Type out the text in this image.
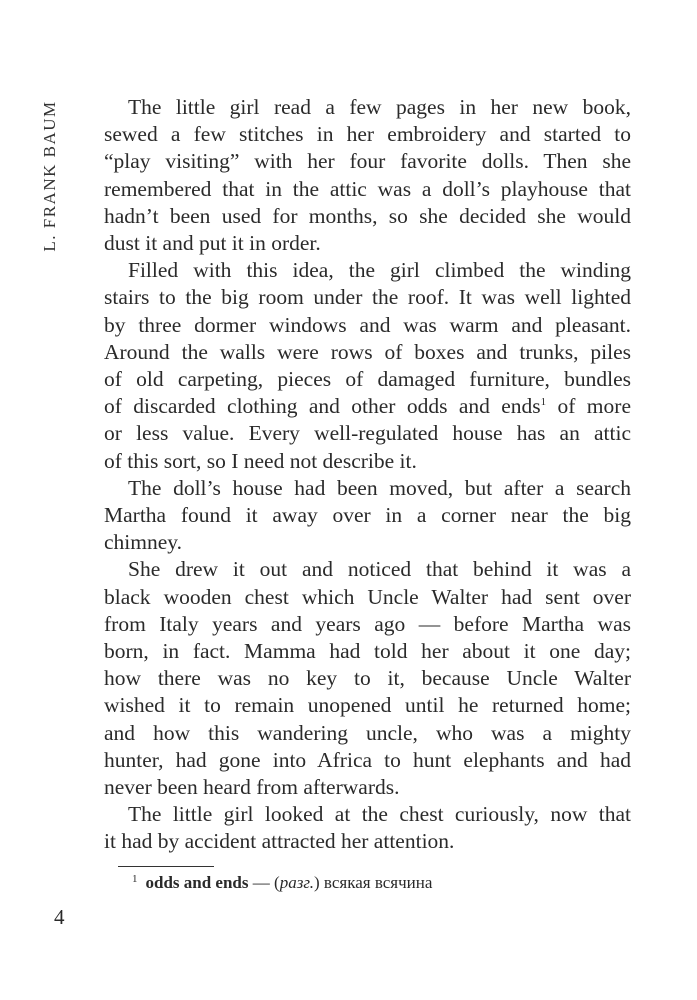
L. FRANK BAUM	The little girl read a few pages in her new book,
sewed a few stitches in her embroidery and started to
“play visiting” with her four favorite dolls. Then she
remembered that in the attic was a doll’s playhouse that
hadn’t been used for months, so she decided she would
dust it and put it in order.

Filled with this idea, the girl climbed the winding
stairs to the big room under the roof. It was well lighted
by three dormer windows and was warm and pleasant.
Around the walls were rows of boxes and trunks, piles
of old carpeting, pieces of damaged furniture, bundles
of discarded clothing and other odds and ends$^1$ of more
or less value. Every well-regulated house has an attic
of this sort, so I need not describe it.

The doll’s house had been moved, but after a search
Martha found it away over in a corner near the big
chimney.

She drew it out and noticed that behind it was a
black wooden chest which Uncle Walter had sent over
from Italy years and years ago — before Martha was
born, in fact. Mamma had told her about it one day;
how there was no key to it, because Uncle Walter
wished it to remain unopened until he returned home;
and how this wandering uncle, who was a mighty
hunter, had gone into Africa to hunt elephants and had
never been heard from afterwards.

The little girl looked at the chest curiously, now that
it had by accident attracted her attention.

$^1$ odds and ends — (разг.) всякая всячина
4
